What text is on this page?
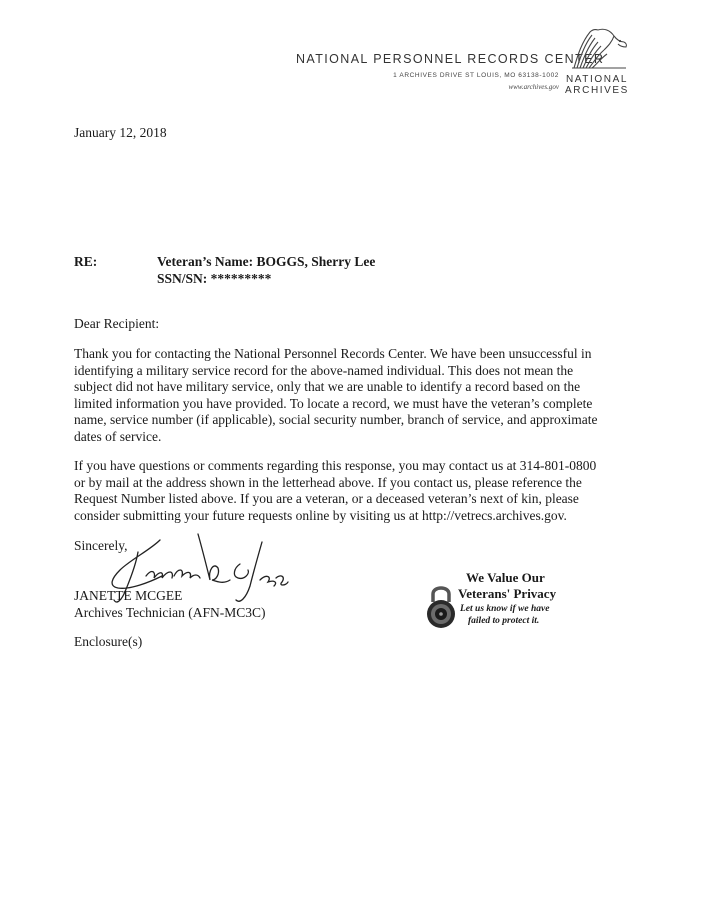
NATIONAL PERSONNEL RECORDS CENTER
1 ARCHIVES DRIVE ST LOUIS, MO 63138-1002
www.archives.gov
NATIONAL
ARCHIVES
January 12, 2018
RE:	Veteran’s Name: BOGGS, Sherry Lee
SSN/SN: *********
Dear Recipient:
Thank you for contacting the National Personnel Records Center. We have been unsuccessful in
identifying a military service record for the above-named individual. This does not mean the
subject did not have military service, only that we are unable to identify a record based on the
limited information you have provided. To locate a record, we must have the veteran’s complete
name, service number (if applicable), social security number, branch of service, and approximate
dates of service.
If you have questions or comments regarding this response, you may contact us at 314-801-0800
or by mail at the address shown in the letterhead above. If you contact us, please reference the
Request Number listed above. If you are a veteran, or a deceased veteran’s next of kin, please
consider submitting your future requests online by visiting us at http://vetrecs.archives.gov.
Sincerely,
JANETTE MCGEE
Archives Technician (AFN-MC3C)
Enclosure(s)
We Value Our
Veterans' Privacy
Let us know if we have
failed to protect it.
